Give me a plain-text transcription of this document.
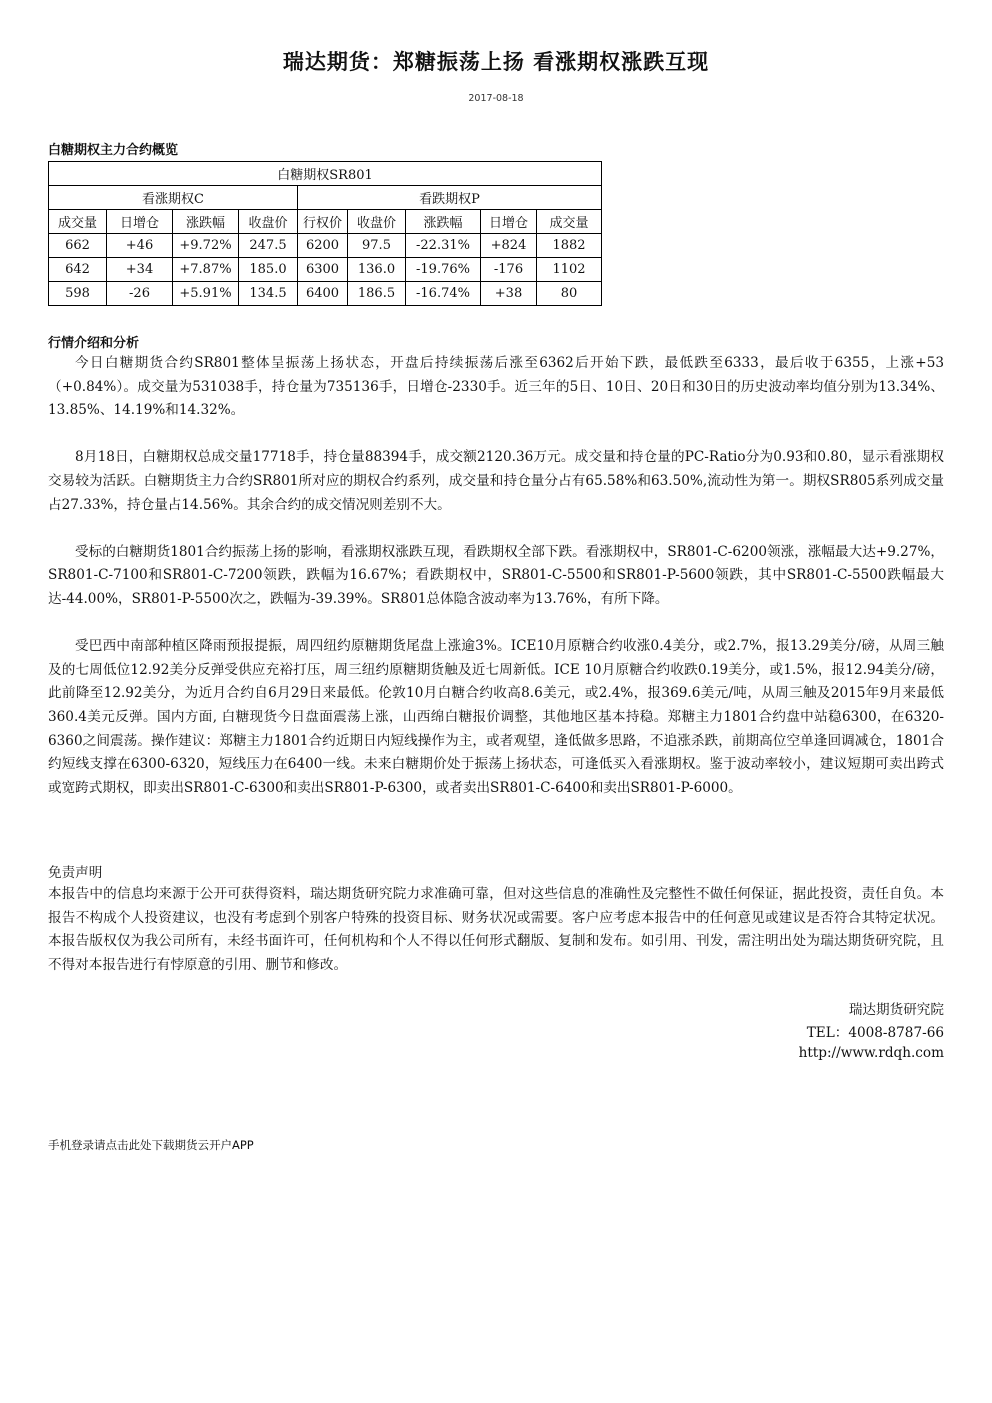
瑞达期货：郑糖振荡上扬 看涨期权涨跌互现
2017-08-18
白糖期权主力合约概览
白糖期权SR801								
看涨期权C				看跌期权P				
成交量	日增仓	涨跌幅	收盘价	行权价	收盘价	涨跌幅	日增仓	成交量
662	+46	+9.72%	247.5	6200	97.5	-22.31%	+824	1882
642	+34	+7.87%	185.0	6300	136.0	-19.76%	-176	1102
598	-26	+5.91%	134.5	6400	186.5	-16.74%	+38	80
行情介绍和分析

今日白糖期货合约SR801整体呈振荡上扬状态，开盘后持续振荡后涨至6362后开始下跌，最低跌至6333，最后收于6355，上涨+53（+0.84%）。成交量为531038手，持仓量为735136手，日增仓-2330手。近三年的5日、10日、20日和30日的历史波动率均值分别为13.34%、13.85%、14.19%和14.32%。

8月18日，白糖期权总成交量17718手，持仓量88394手，成交额2120.36万元。成交量和持仓量的PC-Ratio分为0.93和0.80，显示看涨期权交易较为活跃。白糖期货主力合约SR801所对应的期权合约系列，成交量和持仓量分占有65.58%和63.50%,流动性为第一。期权SR805系列成交量占27.33%，持仓量占14.56%。其余合约的成交情况则差别不大。

受标的白糖期货1801合约振荡上扬的影响，看涨期权涨跌互现，看跌期权全部下跌。看涨期权中，SR801-C-6200领涨，涨幅最大达+9.27%，SR801-C-7100和SR801-C-7200领跌，跌幅为16.67%；看跌期权中，SR801-C-5500和SR801-P-5600领跌，其中SR801-C-5500跌幅最大达-44.00%，SR801-P-5500次之，跌幅为-39.39%。SR801总体隐含波动率为13.76%，有所下降。

受巴西中南部种植区降雨预报提振，周四纽约原糖期货尾盘上涨逾3%。ICE10月原糖合约收涨0.4美分，或2.7%，报13.29美分/磅，从周三触及的七周低位12.92美分反弹受供应充裕打压，周三纽约原糖期货触及近七周新低。ICE 10月原糖合约收跌0.19美分，或1.5%，报12.94美分/磅，此前降至12.92美分，为近月合约自6月29日来最低。伦敦10月白糖合约收高8.6美元，或2.4%，报369.6美元/吨，从周三触及2015年9月来最低360.4美元反弹。国内方面, 白糖现货今日盘面震荡上涨，山西绵白糖报价调整，其他地区基本持稳。郑糖主力1801合约盘中站稳6300，在6320-6360之间震荡。操作建议：郑糖主力1801合约近期日内短线操作为主，或者观望，逢低做多思路，不追涨杀跌，前期高位空单逢回调减仓，1801合约短线支撑在6300-6320，短线压力在6400一线。未来白糖期价处于振荡上扬状态，可逢低买入看涨期权。鉴于波动率较小，建议短期可卖出跨式或宽跨式期权，即卖出SR801-C-6300和卖出SR801-P-6300，或者卖出SR801-C-6400和卖出SR801-P-6000。

免责声明

本报告中的信息均来源于公开可获得资料，瑞达期货研究院力求准确可靠，但对这些信息的准确性及完整性不做任何保证，据此投资，责任自负。本报告不构成个人投资建议，也没有考虑到个别客户特殊的投资目标、财务状况或需要。客户应考虑本报告中的任何意见或建议是否符合其特定状况。本报告版权仅为我公司所有，未经书面许可，任何机构和个人不得以任何形式翻版、复制和发布。如引用、刊发，需注明出处为瑞达期货研究院，且不得对本报告进行有悖原意的引用、删节和修改。

瑞达期货研究院
TEL：4008-8787-66
http://www.rdqh.com
手机登录请点击此处下载期货云开户APP
